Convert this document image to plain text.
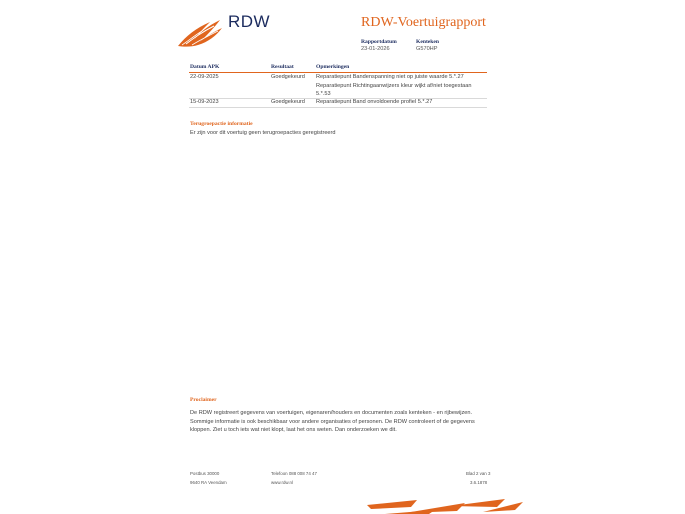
RDW	RDW-Voertuigrapport
Rapportdatum
23-01-2026
Kenteken
G570HP
Datum APK	Resultaat	Opmerkingen
22-09-2025	Goedgekeurd Reparatiepunt Bandenspanning niet op juiste waarde 5.*.27
Reparatiepunt Richtingaanwijzers kleur wijkt af/niet toegestaan
5.*.53
15-09-2023	Goedgekeurd Reparatiepunt Band onvoldoende profiel 5.*.27
Terugroepactie informatie
Er zijn voor dit voertuig geen terugroepacties geregistreerd
Proclaimer
De RDW registreert gegevens van voertuigen, eigenaren/houders en documenten zoals kenteken - en rijbewijzen.
Sommige informatie is ook beschikbaar voor andere organisaties of personen. De RDW controleert of de gegevens
kloppen. Ziet u toch iets wat niet klopt, laat het ons weten. Dan onderzoeken we dit.
Postbus 30000	Telefoon 088 008 74 47	Blad 2 van 3
9640 RA Veendam	www.rdw.nl	3.6.1878
